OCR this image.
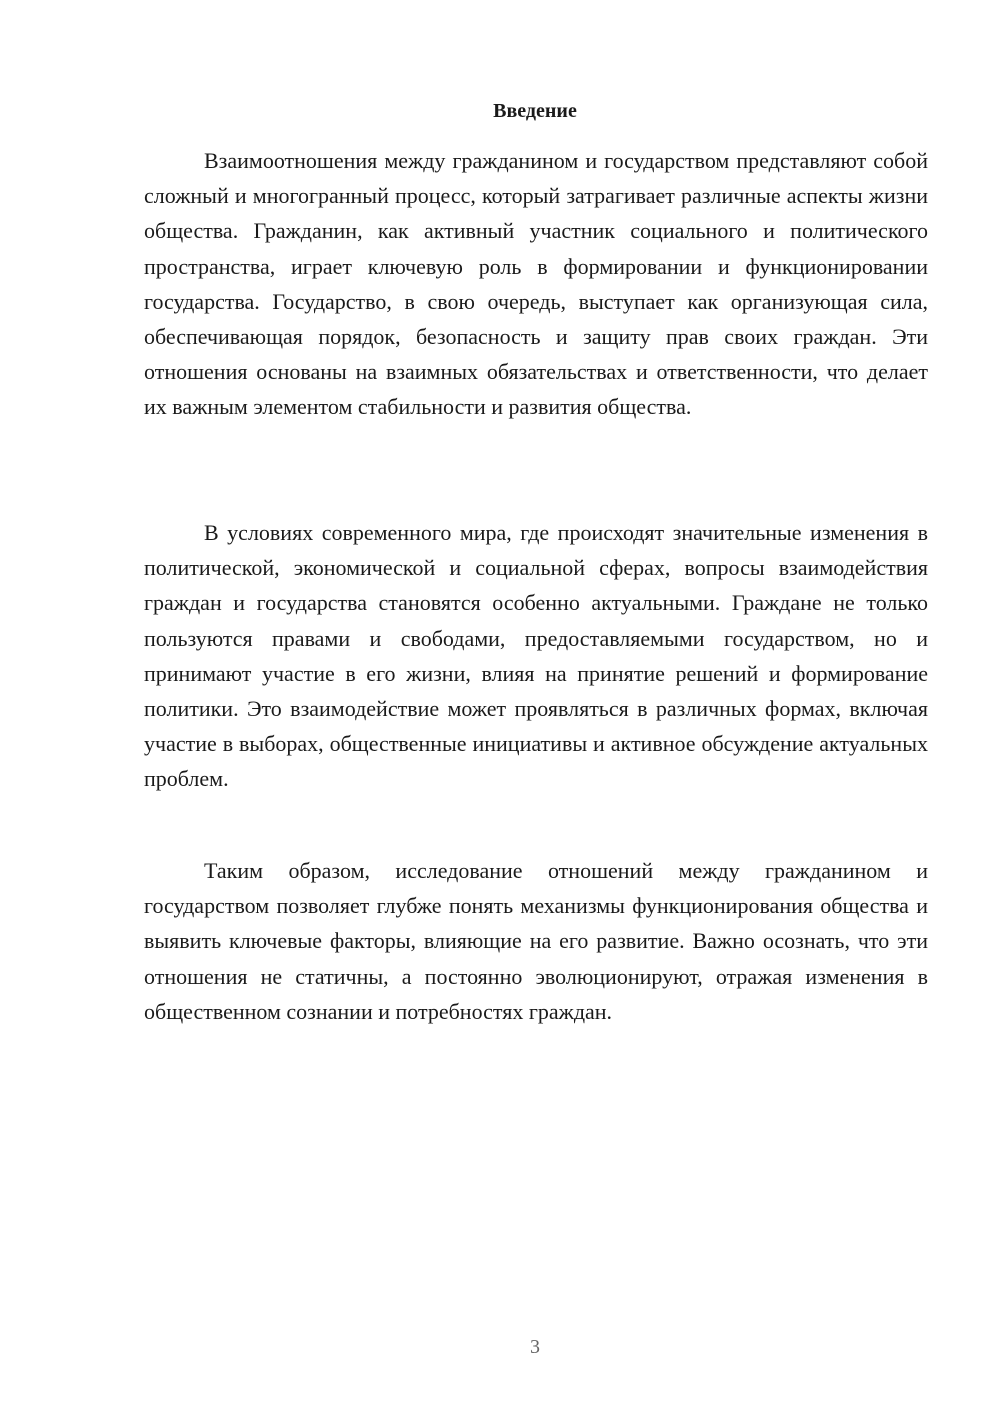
Введение

Взаимоотношения между гражданином и государством представляют собой сложный и многогранный процесс, который затрагивает различные аспекты жизни общества. Гражданин, как активный участник социального и политического пространства, играет ключевую роль в формировании и функционировании государства. Государство, в свою очередь, выступает как организующая сила, обеспечивающая порядок, безопасность и защиту прав своих граждан. Эти отношения основаны на взаимных обязательствах и ответственности, что делает их важным элементом стабильности и развития общества.

В условиях современного мира, где происходят значительные изменения в политической, экономической и социальной сферах, вопросы взаимодействия граждан и государства становятся особенно актуальными. Граждане не только пользуются правами и свободами, предоставляемыми государством, но и принимают участие в его жизни, влияя на принятие решений и формирование политики. Это взаимодействие может проявляться в различных формах, включая участие в выборах, общественные инициативы и активное обсуждение актуальных проблем.

Таким образом, исследование отношений между гражданином и государством позволяет глубже понять механизмы функционирования общества и выявить ключевые факторы, влияющие на его развитие. Важно осознать, что эти отношения не статичны, а постоянно эволюционируют, отражая изменения в общественном сознании и потребностях граждан.

3
